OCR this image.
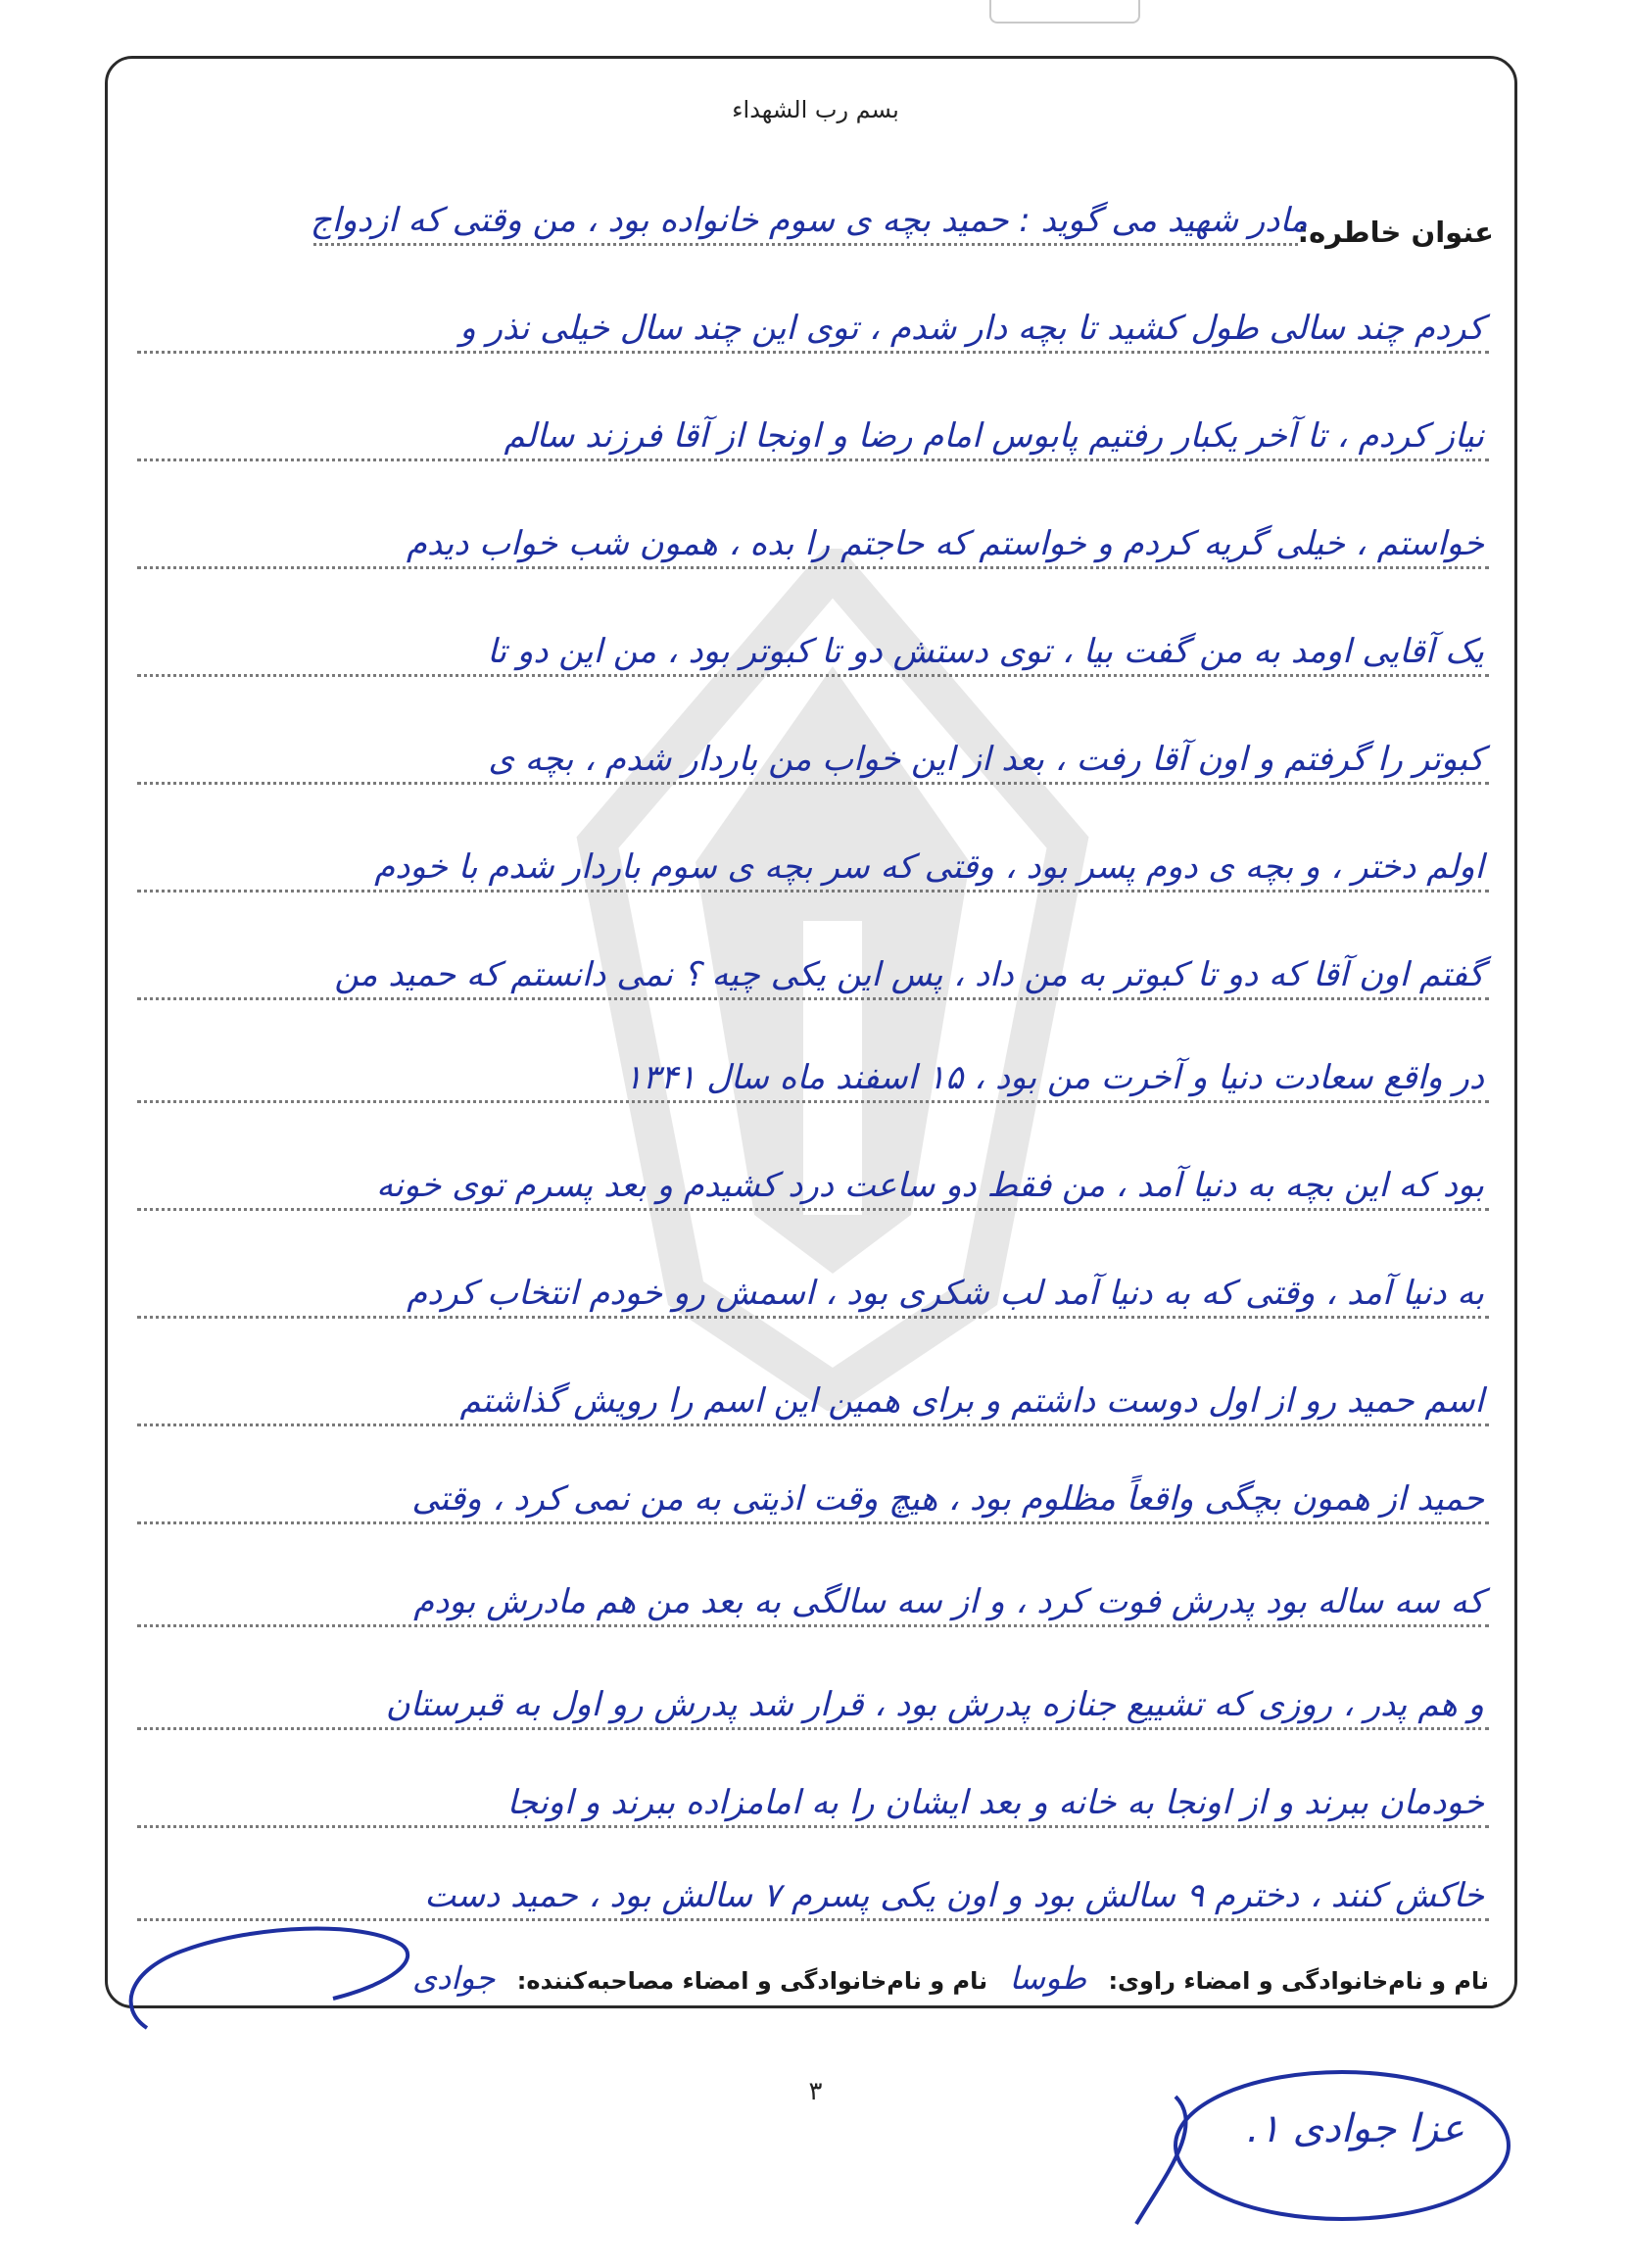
بسم رب الشهداء
عنوان خاطره:
مادر شهید می گوید : حمید بچه ی سوم خانواده بود ، من وقتی که ازدواج
کردم چند سالی طول کشید تا بچه دار شدم ، توی این چند سال خیلی نذر و
نیاز کردم ، تا آخر یکبار رفتیم پابوس امام رضا و اونجا از آقا فرزند سالم
خواستم ، خیلی گریه کردم و خواستم که حاجتم را بده ، همون شب خواب دیدم
یک آقایی اومد به من گفت بیا ، توی دستش دو تا کبوتر بود ، من این دو تا
کبوتر را گرفتم و اون آقا رفت ، بعد از این خواب من باردار شدم ، بچه ی
اولم دختر ، و بچه ی دوم پسر بود ، وقتی که سر بچه ی سوم باردار شدم با خودم
گفتم اون آقا که دو تا کبوتر به من داد ، پس این یکی چیه ؟ نمی دانستم که حمید من
در واقع سعادت دنیا و آخرت من بود ، ۱۵ اسفند ماه سال ۱۳۴۱
بود که این بچه به دنیا آمد ، من فقط دو ساعت درد کشیدم و بعد پسرم توی خونه
به دنیا آمد ، وقتی که به دنیا آمد لب شکری بود ، اسمش رو خودم انتخاب کردم
اسم حمید رو از اول دوست داشتم و برای همین این اسم را رویش گذاشتم
حمید از همون بچگی واقعاً مظلوم بود ، هیچ وقت اذیتی به من نمی کرد ، وقتی
که سه ساله بود پدرش فوت کرد ، و از سه سالگی به بعد من هم مادرش بودم
و هم پدر ، روزی که تشییع جنازه پدرش بود ، قرار شد پدرش رو اول به قبرستان
خودمان ببرند و از اونجا به خانه و بعد ایشان را به امامزاده ببرند و اونجا
خاکش کنند ، دخترم ۹ سالش بود و اون یکی پسرم ۷ سالش بود ، حمید دست
نام و نام‌خانوادگی و امضاء راوی: طوسا نام و نام‌خانوادگی و امضاء مصاحبه‌کننده: جوادی
۳
عزا جوادی ۱.
